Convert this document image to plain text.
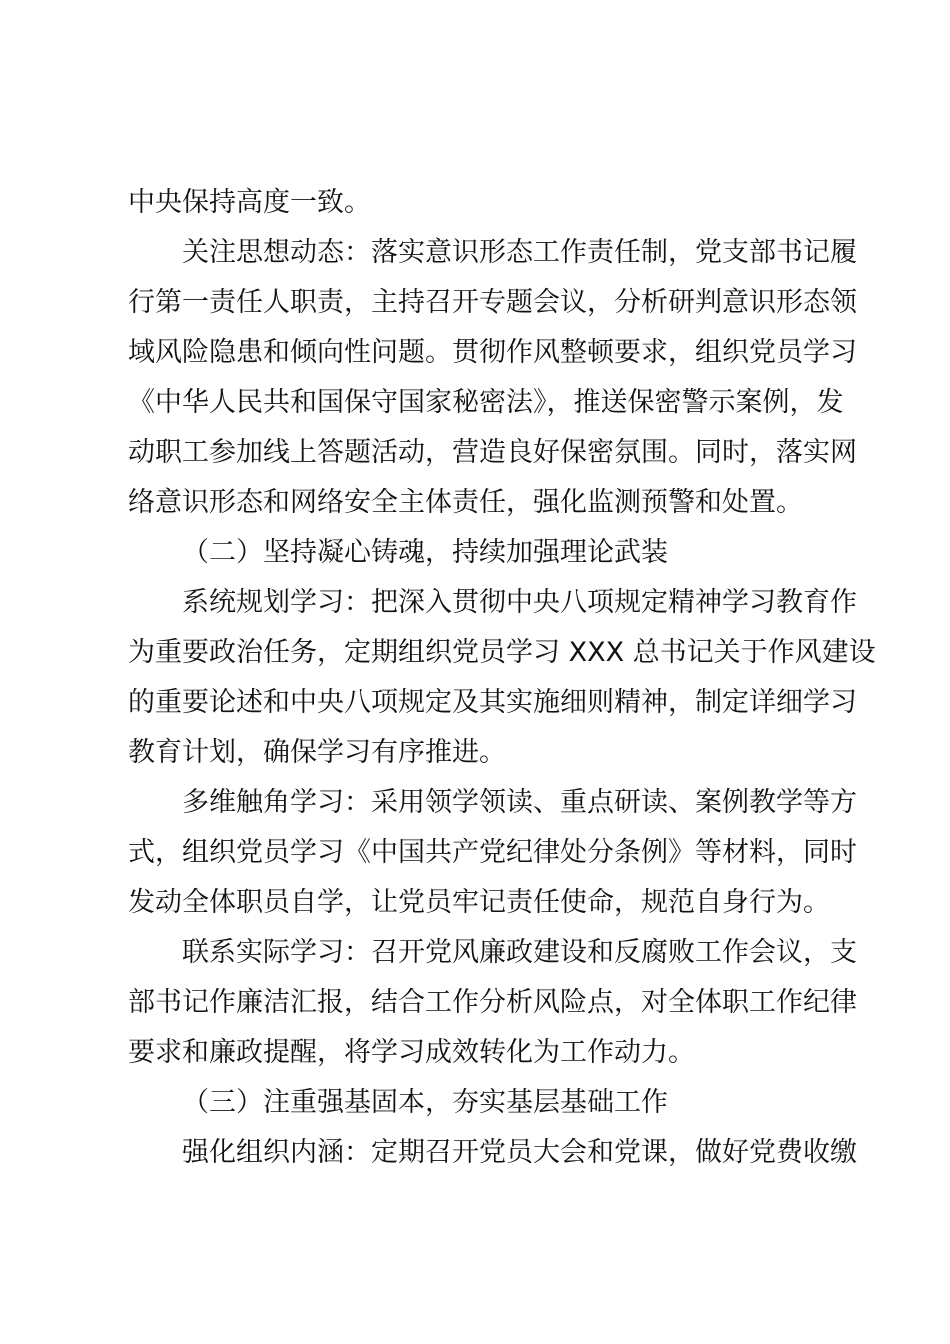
中央保持高度一致。
关注思想动态：落实意识形态工作责任制，党支部书记履
行第一责任人职责，主持召开专题会议，分析研判意识形态领
域风险隐患和倾向性问题。贯彻作风整顿要求，组织党员学习
《中华人民共和国保守国家秘密法》，推送保密警示案例，发
动职工参加线上答题活动，营造良好保密氛围。同时，落实网
络意识形态和网络安全主体责任，强化监测预警和处置。
（二）坚持凝心铸魂，持续加强理论武装
系统规划学习：把深入贯彻中央八项规定精神学习教育作
为重要政治任务，定期组织党员学习 XXX 总书记关于作风建设
的重要论述和中央八项规定及其实施细则精神，制定详细学习
教育计划，确保学习有序推进。
多维触角学习：采用领学领读、重点研读、案例教学等方
式，组织党员学习《中国共产党纪律处分条例》等材料，同时
发动全体职员自学，让党员牢记责任使命，规范自身行为。
联系实际学习：召开党风廉政建设和反腐败工作会议，支
部书记作廉洁汇报，结合工作分析风险点，对全体职工作纪律
要求和廉政提醒，将学习成效转化为工作动力。
（三）注重强基固本，夯实基层基础工作
强化组织内涵：定期召开党员大会和党课，做好党费收缴
